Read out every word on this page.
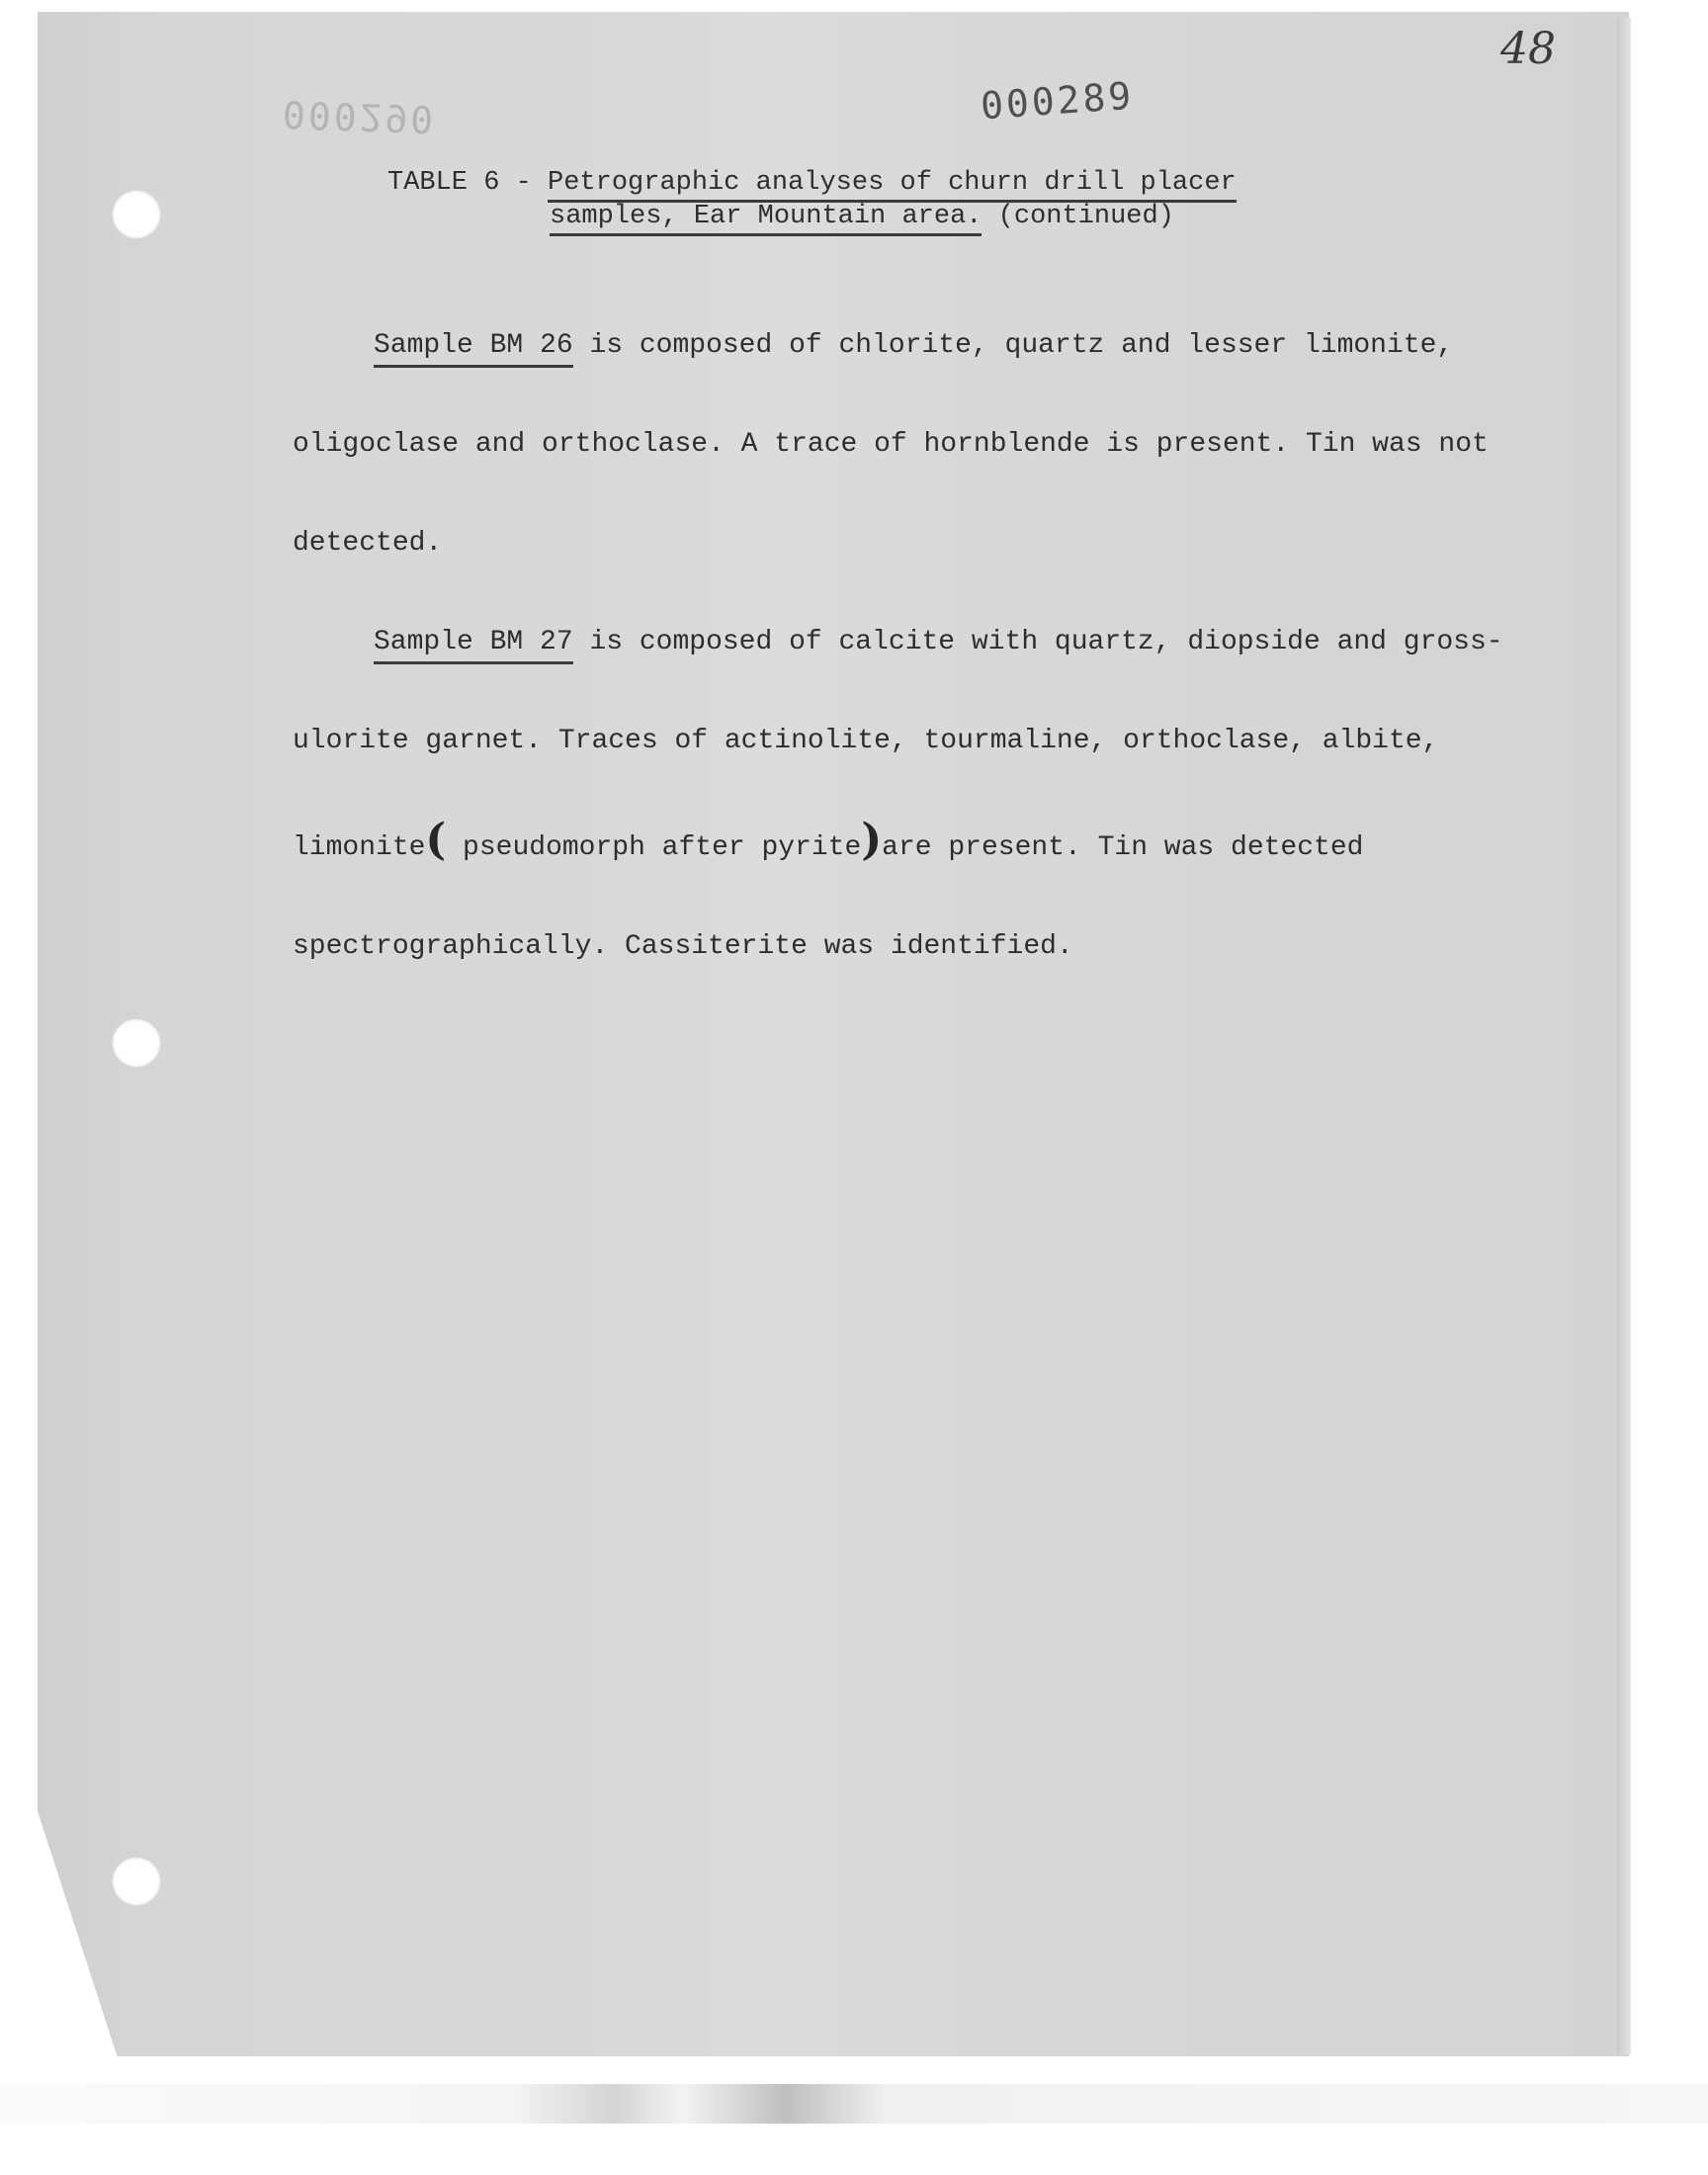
48
000289
000290
TABLE 6 - Petrographic analyses of churn drill placer
samples, Ear Mountain area. (continued)

Sample BM 26 is composed of chlorite, quartz and lesser limonite, oligoclase and orthoclase. A trace of hornblende is present. Tin was not detected.

Sample BM 27 is composed of calcite with quartz, diopside and gross-ulorite garnet. Traces of actinolite, tourmaline, orthoclase, albite, limonite( pseudomorph after pyrite)are present. Tin was detected spectrographically. Cassiterite was identified.
